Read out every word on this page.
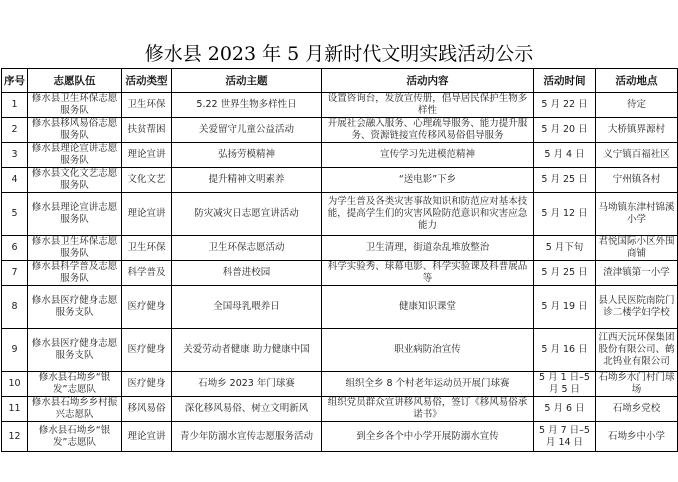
修水县 2023 年 5 月新时代文明实践活动公示
序号	志愿队伍	活动类型	活动主题	活动内容	活动时间	活动地点
1	修水县卫生环保志愿服务队	卫生环保	5.22 世界生物多样性日	设置咨询台，发放宣传册，倡导居民保护生物多样性	5 月 22 日	待定
2	修水县移风易俗志愿服务队	扶贫帮困	关爱留守儿童公益活动	开展社会融入服务、心理疏导服务、能力提升服务、资源链接宣传移风易俗倡导服务	5 月 20 日	大桥镇界源村
3	修水县理论宣讲志愿服务队	理论宣讲	弘扬劳模精神	宣传学习先进模范精神	5 月 4 日	义宁镇百福社区
4	修水县文化文艺志愿服务队	文化文艺	提升精神文明素养	“送电影”下乡	5 月 25 日	宁州镇各村
5	修水县理论宣讲志愿服务队	理论宣讲	防灾减灾日志愿宣讲活动	为学生普及各类灾害事故知识和防范应对基本技能，提高学生们的灾害风险防范意识和灾害应急能力	5 月 12 日	马坳镇东津村锦溪小学
6	修水县卫生环保志愿服务队	卫生环保	卫生环保志愿活动	卫生清理，街道杂乱堆放整治	5 月下旬	君悦国际小区外围商铺
7	修水县科学普及志愿服务队	科学普及	科普进校园	科学实验秀、球幕电影、科学实验课及科普展品等	5 月 25 日	渣津镇第一小学
8	修水县医疗健身志愿服务支队	医疗健身	全国母乳喂养日	健康知识课堂	5 月 19 日	县人民医院南院门诊二楼学妇学校
9	修水县医疗健身志愿服务支队	医疗健身	关爱劳动者健康 助力健康中国	职业病防治宣传	5 月 16 日	江西天沅环保集团股份有限公司、鹤北钨业有限公司
10	修水县石坳乡“银发”志愿队	医疗健身	石坳乡 2023 年门球赛	组织全乡 8 个村老年运动员开展门球赛	5 月 1 日–5 月 5 日	石坳乡水门村门球场
11	修水县石坳乡乡村振兴志愿队	移风易俗	深化移风易俗、树立文明新风	组织党员群众宣讲移风易俗，签订《移风易俗承诺书》	5 月 6 日	石坳乡党校
12	修水县石坳乡“银发”志愿队	理论宣讲	青少年防溺水宣传志愿服务活动	到全乡各个中小学开展防溺水宣传	5 月 7 日–5 月 14 日	石坳乡中小学
